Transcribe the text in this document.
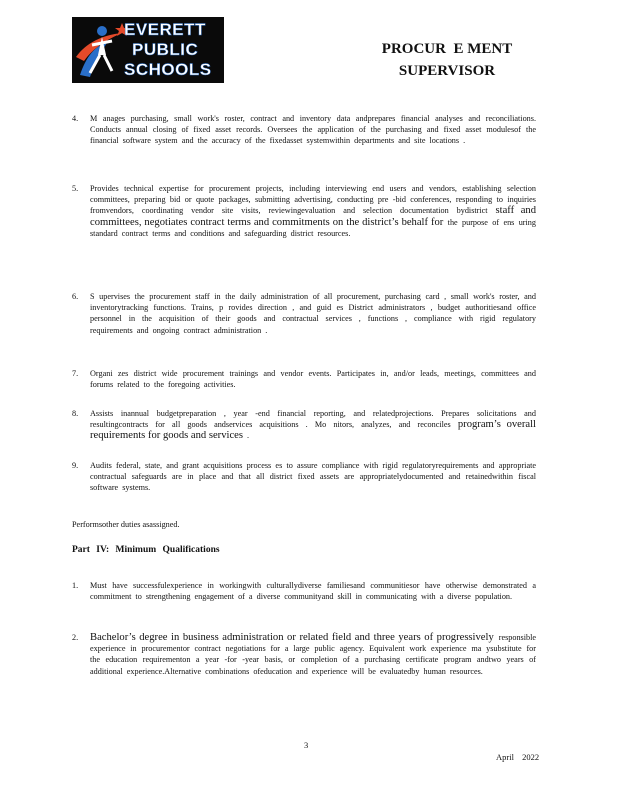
EVERETT
PUBLIC
SCHOOLS
PROCUR  E MENT
SUPERVISOR
4. M anages purchasing, small work's roster, contract and inventory data andprepares financial analyses and reconciliations. Conducts annual closing of fixed asset records. Oversees the application of the purchasing and fixed asset modulesof the financial software system and the accuracy of the fixedasset systemwithin departments and site locations .
5. Provides technical expertise for procurement projects, including interviewing end users and vendors, establishing selection committees, preparing bid or quote packages, submitting advertising, conducting pre -bid conferences, responding to inquiries fromvendors, coordinating vendor site visits, reviewingevaluation and selection documentation bydistrict staff and committees, negotiates contract terms and commitments on the district’s behalf for the purpose of ens uring standard contract terms and conditions and safeguarding district resources.
6. S upervises the procurement staff in the daily administration of all procurement, purchasing card , small work's roster, and inventorytracking functions. Trains, p rovides direction , and guid es District administrators , budget authoritiesand office personnel in the acquisition of their goods and contractual services , functions , compliance with rigid regulatory requirements and ongoing contract administration .
7. Organi zes district wide procurement trainings and vendor events. Participates in, and/or leads, meetings, committees and forums related to the foregoing activities.
8. Assists inannual budgetpreparation , year -end financial reporting, and relatedprojections. Prepares solicitations and resultingcontracts for all goods andservices acquisitions . Mo nitors, analyzes, and reconciles program’s overall requirements for goods and services .
9. Audits federal, state, and grant acquisitions process es to assure compliance with rigid regulatoryrequirements and appropriate contractual safeguards are in place and that all district fixed assets are appropriatelydocumented and retainedwithin fiscal software systems.
Performsother duties asassigned.
Part IV: Minimum Qualifications
1. Must have successfulexperience in workingwith culturallydiverse familiesand communitiesor have otherwise demonstrated a commitment to strengthening engagement of a diverse communityand skill in communicating with a diverse population.
2. Bachelor’s degree in business administration or related field and three years of progressively responsible experience in procurementor contract negotiations for a large public agency. Equivalent work experience ma ysubstitute for the education requirementon a year -for -year basis, or completion of a purchasing certificate program andtwo years of additional experience.Alternative combinations ofeducation and experience will be evaluatedby human resources.
3
April 2022
